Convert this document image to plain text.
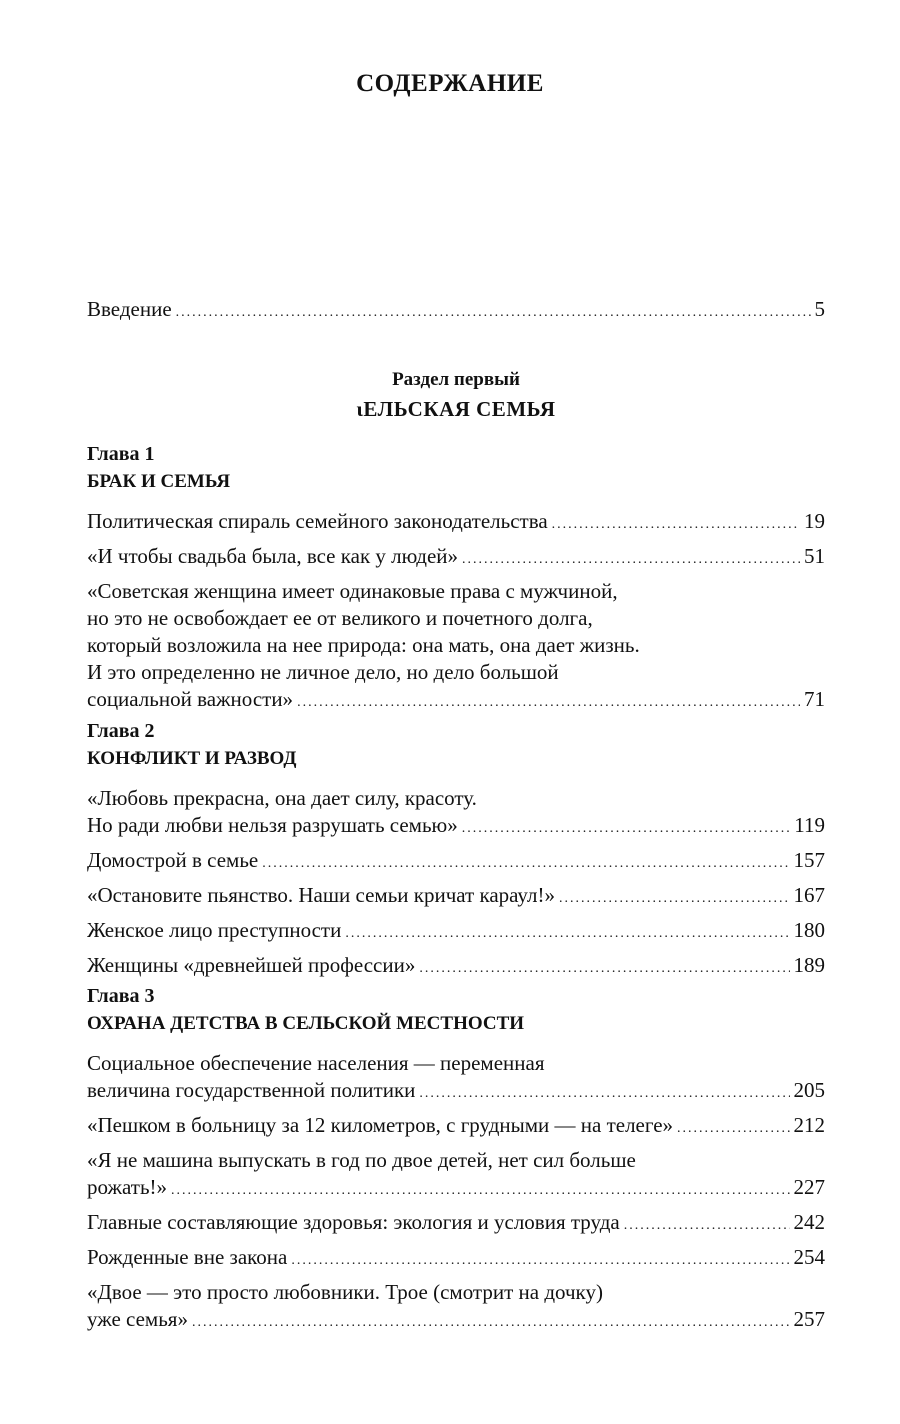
СОДЕРЖАНИЕ
Введение .....	5
Раздел первый
ιЕЛЬСКАЯ СЕМЬЯ
Глава 1
БРАК И СЕМЬЯ
Политическая спираль семейного законодательства .....	19
«И чтобы свадьба была, все как у людей» .....	51
«Советская женщина имеет одинаковые права с мужчиной,
но это не освобождает ее от великого и почетного долга,
который возложила на нее природа: она мать, она дает жизнь.
И это определенно не личное дело, но дело большой
социальной важности» .....	71
Глава 2
КОНФЛИКТ И РАЗВОД
«Любовь прекрасна, она дает силу, красоту.
Но ради любви нельзя разрушать семью» .....	119
Домострой в семье .....	157
«Остановите пьянство. Наши семьи кричат караул!» .....	167
Женское лицо преступности .....	180
Женщины «древнейшей профессии» .....	189
Глава 3
ОХРАНА ДЕТСТВА В СЕЛЬСКОЙ МЕСТНОСТИ
Социальное обеспечение населения — переменная
величина государственной политики .....	205
«Пешком в больницу за 12 километров, с грудными — на телеге» .....	212
«Я не машина выпускать в год по двое детей, нет сил больше
рожать!» .....	227
Главные составляющие здоровья: экология и условия труда .....	242
Рожденные вне закона .....	254
«Двое — это просто любовники. Трое (смотрит на дочку)
уже семья» .....	257
